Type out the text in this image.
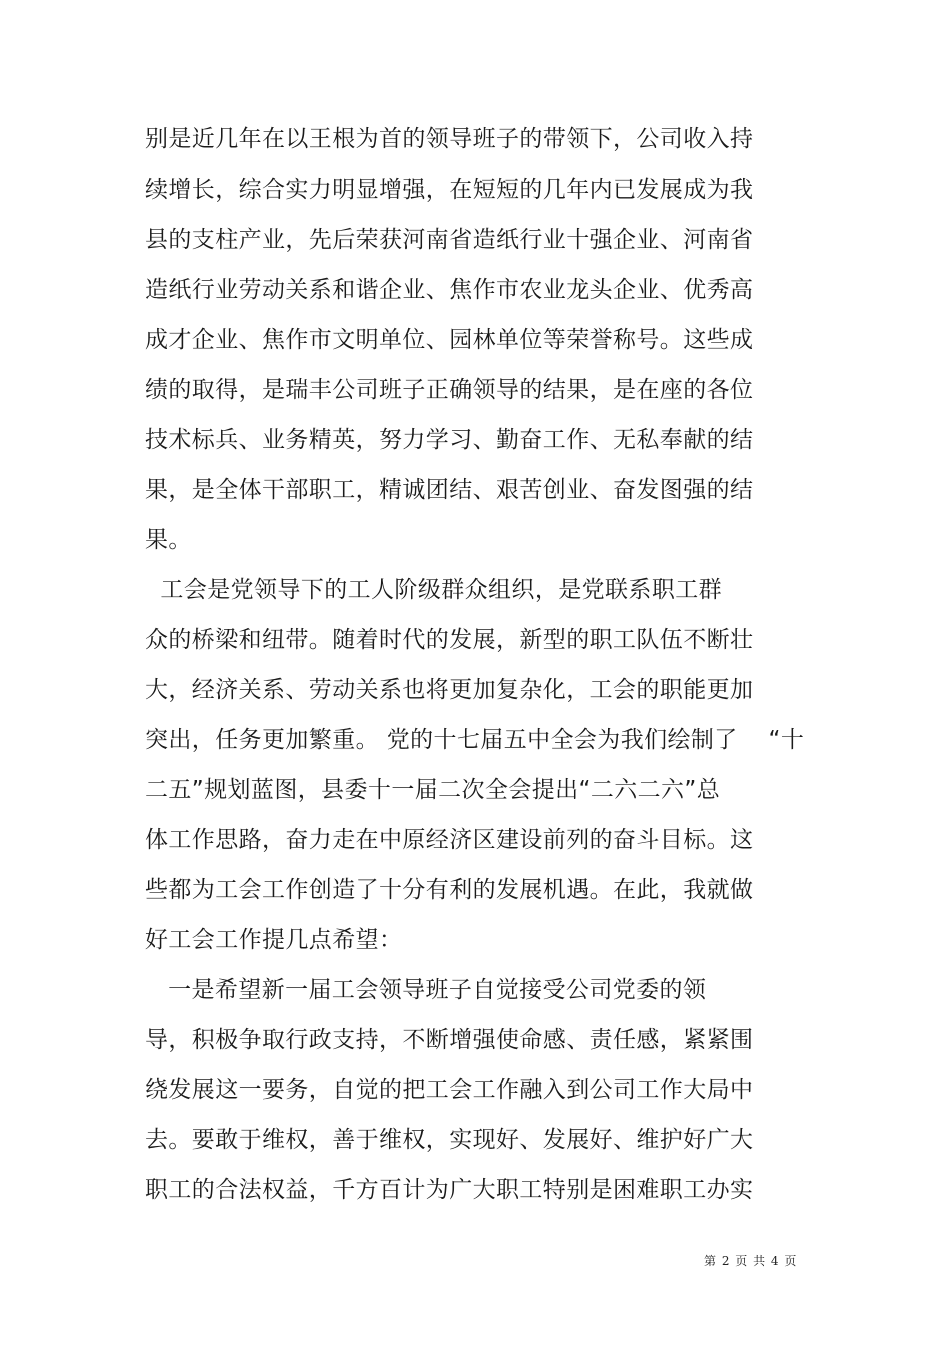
别是近几年在以王根为首的领导班子的带领下，公司收入持
续增长，综合实力明显增强，在短短的几年内已发展成为我
县的支柱产业，先后荣获河南省造纸行业十强企业、河南省
造纸行业劳动关系和谐企业、焦作市农业龙头企业、优秀高
成才企业、焦作市文明单位、园林单位等荣誉称号。这些成
绩的取得，是瑞丰公司班子正确领导的结果，是在座的各位
技术标兵、业务精英，努力学习、勤奋工作、无私奉献的结
果，是全体干部职工，精诚团结、艰苦创业、奋发图强的结
果。
工会是党领导下的工人阶级群众组织，是党联系职工群
众的桥梁和纽带。随着时代的发展，新型的职工队伍不断壮
大，经济关系、劳动关系也将更加复杂化，工会的职能更加
突出，任务更加繁重。 党的十七届五中全会为我们绘制了    “十
二五”规划蓝图，县委十一届二次全会提出“二六二六”总
体工作思路，奋力走在中原经济区建设前列的奋斗目标。这
些都为工会工作创造了十分有利的发展机遇。在此，我就做
好工会工作提几点希望：
一是希望新一届工会领导班子自觉接受公司党委的领
导，积极争取行政支持，不断增强使命感、责任感，紧紧围
绕发展这一要务，自觉的把工会工作融入到公司工作大局中
去。要敢于维权，善于维权，实现好、发展好、维护好广大
职工的合法权益，千方百计为广大职工特别是困难职工办实
第 2 页 共 4 页
